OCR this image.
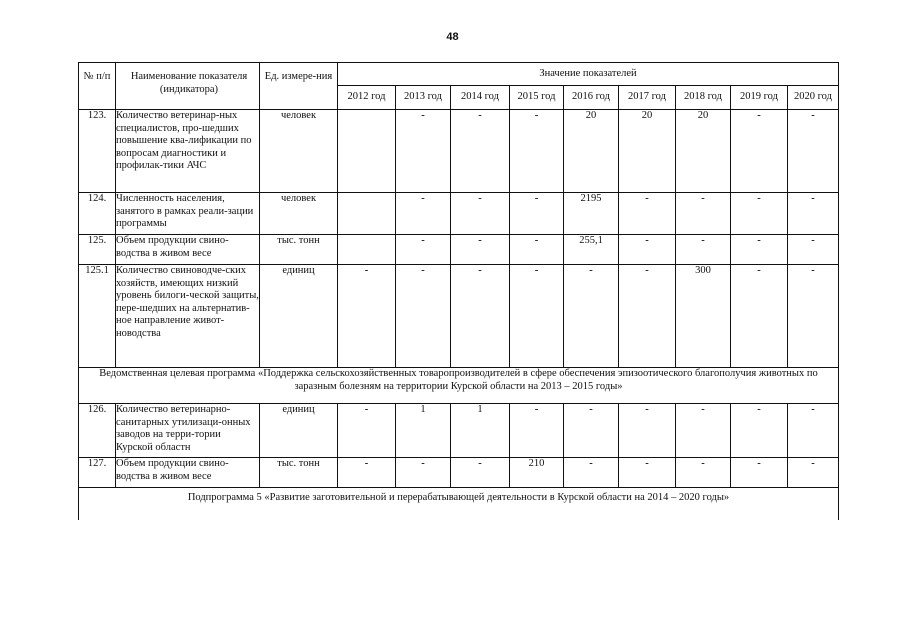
48
№ п/п	Наименование показателя (индикатора)	Ед. измере-ния	Значение показателей								
			2012 год	2013 год	2014 год	2015 год	2016 год	2017 год	2018 год	2019 год	2020 год
123.	Количество ветеринар-ных специалистов, про-шедших повышение ква-лификации по вопросам диагностики и профилак-тики АЧС	человек		-	-	-	20	20	20	-	-
124.	Численность населения, занятого в рамках реали-зации программы	человек		-	-	-	2195	-	-	-	-
125.	Объем продукции свино-водства в живом весе	тыс. тонн		-	-	-	255,1	-	-	-	-
125.1	Количество свиноводче-ских хозяйств, имеющих низкий уровень билоги-ческой защиты, пере-шедших на альтернатив-ное направление живот-новодства	единиц	-	-	-	-	-	-	300	-	-
Ведомственная целевая программа «Поддержка сельскохозяйственных товаропроизводителей в сфере обеспечения эпизоотического благополучия животных по заразным болезням на территории Курской области на 2013 – 2015 годы»											
126.	Количество ветеринарно-санитарных утилизаци-онных заводов на терри-тории Курской областн	единиц	-	1	1	-	-	-	-	-	-
127.	Объем продукции свино-водства в живом весе	тыс. тонн	-	-	-	210	-	-	-	-	-
Подпрограмма 5 «Развитие заготовительной и перерабатывающей деятельности в Курской области на 2014 – 2020 годы»											
